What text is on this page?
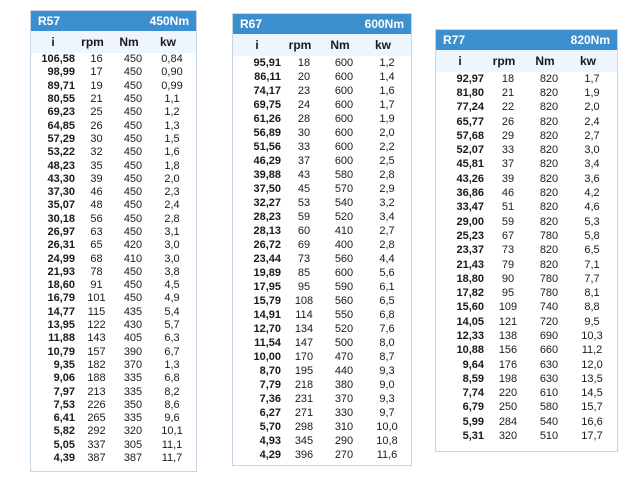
R57	450Nm
i	rpm	Nm	kw
106,58	16	450	0,84
98,99	17	450	0,90
89,71	19	450	0,99
80,55	21	450	1,1
69,23	25	450	1,2
64,85	26	450	1,3
57,29	30	450	1,5
53,22	32	450	1,6
48,23	35	450	1,8
43,30	39	450	2,0
37,30	46	450	2,3
35,07	48	450	2,4
30,18	56	450	2,8
26,97	63	450	3,1
26,31	65	420	3,0
24,99	68	410	3,0
21,93	78	450	3,8
18,60	91	450	4,5
16,79	101	450	4,9
14,77	115	435	5,4
13,95	122	430	5,7
11,88	143	405	6,3
10,79	157	390	6,7
9,35	182	370	1,3
9,06	188	335	6,8
7,97	213	335	8,2
7,53	226	350	8,6
6,41	265	335	9,6
5,82	292	320	10,1
5,05	337	305	11,1
4,39	387	387	11,7
R67	600Nm
i	rpm	Nm	kw
95,91	18	600	1,2
86,11	20	600	1,4
74,17	23	600	1,6
69,75	24	600	1,7
61,26	28	600	1,9
56,89	30	600	2,0
51,56	33	600	2,2
46,29	37	600	2,5
39,88	43	580	2,8
37,50	45	570	2,9
32,27	53	540	3,2
28,23	59	520	3,4
28,13	60	410	2,7
26,72	69	400	2,8
23,44	73	560	4,4
19,89	85	600	5,6
17,95	95	590	6,1
15,79	108	560	6,5
14,91	114	550	6,8
12,70	134	520	7,6
11,54	147	500	8,0
10,00	170	470	8,7
8,70	195	440	9,3
7,79	218	380	9,0
7,36	231	370	9,3
6,27	271	330	9,7
5,70	298	310	10,0
4,93	345	290	10,8
4,29	396	270	11,6
R77	820Nm
i	rpm	Nm	kw
92,97	18	820	1,7
81,80	21	820	1,9
77,24	22	820	2,0
65,77	26	820	2,4
57,68	29	820	2,7
52,07	33	820	3,0
45,81	37	820	3,4
43,26	39	820	3,6
36,86	46	820	4,2
33,47	51	820	4,6
29,00	59	820	5,3
25,23	67	780	5,8
23,37	73	820	6,5
21,43	79	820	7,1
18,80	90	780	7,7
17,82	95	780	8,1
15,60	109	740	8,8
14,05	121	720	9,5
12,33	138	690	10,3
10,88	156	660	11,2
9,64	176	630	12,0
8,59	198	630	13,5
7,74	220	610	14,5
6,79	250	580	15,7
5,99	284	540	16,6
5,31	320	510	17,7
